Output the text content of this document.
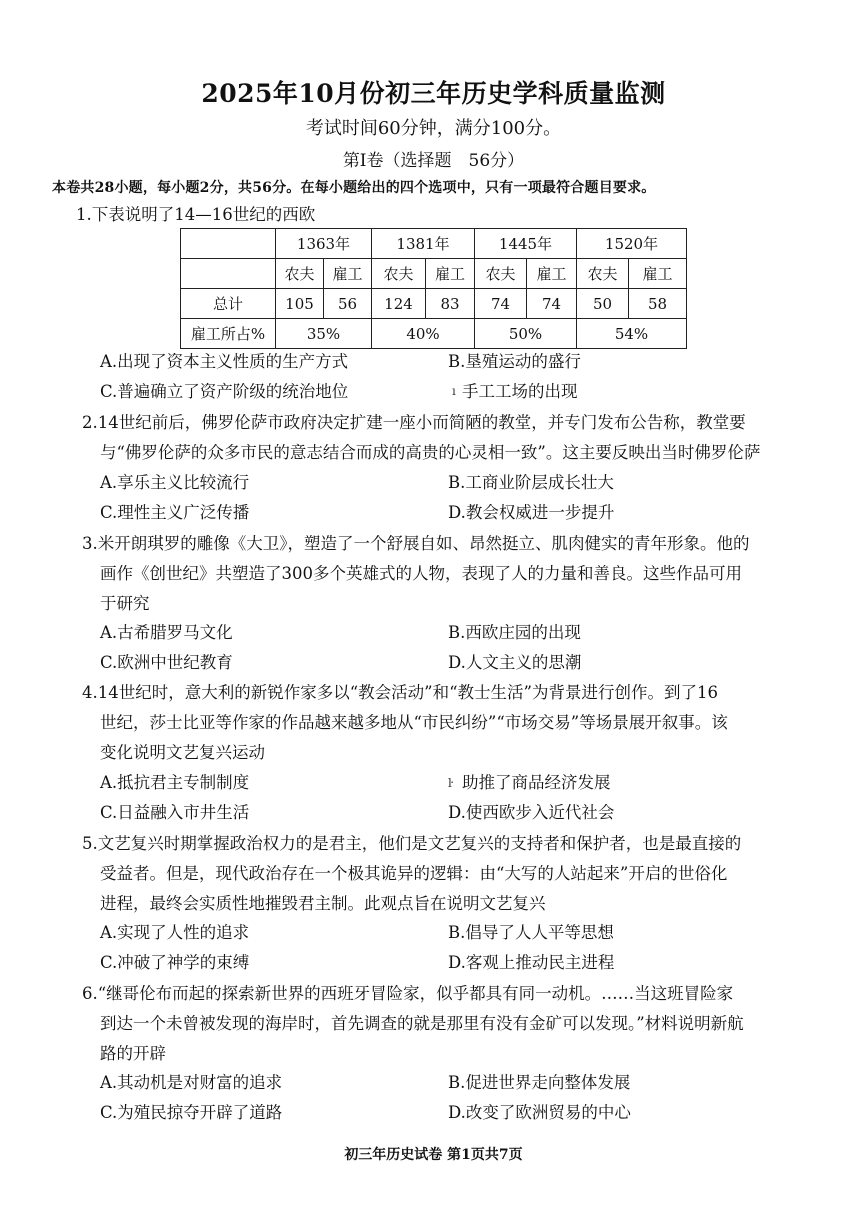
2025年10月份初三年历史学科质量监测
考试时间60分钟，满分100分。
第Ⅰ卷（选择题　56分）
本卷共28小题，每小题2分，共56分。在每小题给出的四个选项中，只有一项最符合题目要求。
1.下表说明了14—16世纪的西欧
	1363年		1381年		1445年		1520年	
	农夫	雇工	农夫	雇工	农夫	雇工	农夫	雇工
总计	105	56	124	83	74	74	50	58
雇工所占%	35%		40%		50%		54%	
A.出现了资本主义性质的生产方式	B.垦殖运动的盛行
C.普遍确立了资产阶级的统治地位	ı 手工工场的出现
2.14世纪前后，佛罗伦萨市政府决定扩建一座小而简陋的教堂，并专门发布公告称，教堂要
与“佛罗伦萨的众多市民的意志结合而成的高贵的心灵相一致”。这主要反映出当时佛罗伦萨
A.享乐主义比较流行	B.工商业阶层成长壮大
C.理性主义广泛传播	D.教会权威进一步提升
3.米开朗琪罗的雕像《大卫》，塑造了一个舒展自如、昂然挺立、肌肉健实的青年形象。他的
画作《创世纪》共塑造了300多个英雄式的人物，表现了人的力量和善良。这些作品可用
于研究
A.古希腊罗马文化	B.西欧庄园的出现
C.欧洲中世纪教育	D.人文主义的思潮
4.14世纪时，意大利的新锐作家多以“教会活动”和“教士生活”为背景进行创作。到了16
世纪，莎士比亚等作家的作品越来越多地从“市民纠纷”“市场交易”等场景展开叙事。该
变化说明文艺复兴运动
A.抵抗君主专制制度	ŀ 助推了商品经济发展
C.日益融入市井生活	D.使西欧步入近代社会
5.文艺复兴时期掌握政治权力的是君主，他们是文艺复兴的支持者和保护者，也是最直接的
受益者。但是，现代政治存在一个极其诡异的逻辑：由“大写的人站起来”开启的世俗化
进程，最终会实质性地摧毁君主制。此观点旨在说明文艺复兴
A.实现了人性的追求	B.倡导了人人平等思想
C.冲破了神学的束缚	D.客观上推动民主进程
6.“继哥伦布而起的探索新世界的西班牙冒险家，似乎都具有同一动机。……当这班冒险家
到达一个未曾被发现的海岸时，首先调查的就是那里有没有金矿可以发现。”材料说明新航
路的开辟
A.其动机是对财富的追求	B.促进世界走向整体发展
C.为殖民掠夺开辟了道路	D.改变了欧洲贸易的中心
初三年历史试卷 第1页共7页
